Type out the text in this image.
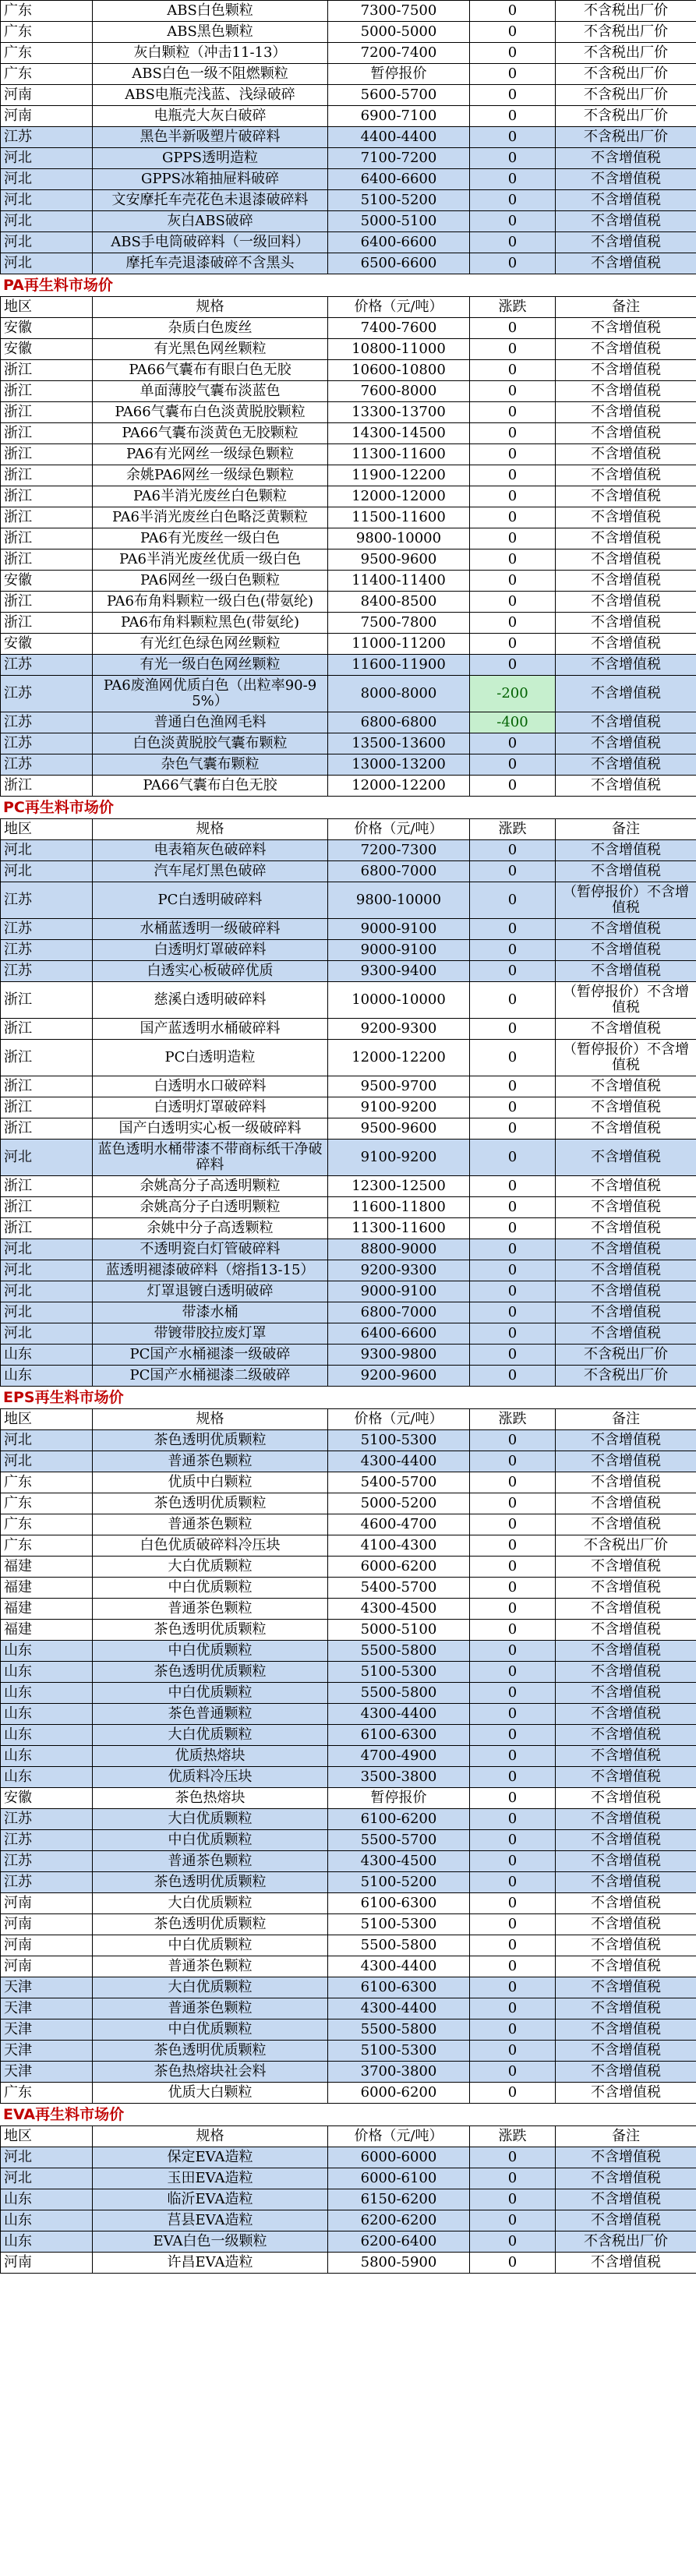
广东	ABS白色颗粒	7300-7500	0	不含税出厂价
广东	ABS黑色颗粒	5000-5000	0	不含税出厂价
广东	灰白颗粒（冲击11-13）	7200-7400	0	不含税出厂价
广东	ABS白色一级不阻燃颗粒	暂停报价	0	不含税出厂价
河南	ABS电瓶壳浅蓝、浅绿破碎	5600-5700	0	不含税出厂价
河南	电瓶壳大灰白破碎	6900-7100	0	不含税出厂价
江苏	黑色半新吸塑片破碎料	4400-4400	0	不含税出厂价
河北	GPPS透明造粒	7100-7200	0	不含增值税
河北	GPPS冰箱抽屉料破碎	6400-6600	0	不含增值税
河北	文安摩托车壳花色未退漆破碎料	5100-5200	0	不含增值税
河北	灰白ABS破碎	5000-5100	0	不含增值税
河北	ABS手电筒破碎料（一级回料）	6400-6600	0	不含增值税
河北	摩托车壳退漆破碎不含黑头	6500-6600	0	不含增值税
PA再生料市场价
地区	规格	价格（元/吨）	涨跌	备注
安徽	杂质白色废丝	7400-7600	0	不含增值税
安徽	有光黑色网丝颗粒	10800-11000	0	不含增值税
浙江	PA66气囊布有眼白色无胶	10600-10800	0	不含增值税
浙江	单面薄胶气囊布淡蓝色	7600-8000	0	不含增值税
浙江	PA66气囊布白色淡黄脱胶颗粒	13300-13700	0	不含增值税
浙江	PA66气囊布淡黄色无胶颗粒	14300-14500	0	不含增值税
浙江	PA6有光网丝一级绿色颗粒	11300-11600	0	不含增值税
浙江	余姚PA6网丝一级绿色颗粒	11900-12200	0	不含增值税
浙江	PA6半消光废丝白色颗粒	12000-12000	0	不含增值税
浙江	PA6半消光废丝白色略泛黄颗粒	11500-11600	0	不含增值税
浙江	PA6有光废丝一级白色	9800-10000	0	不含增值税
浙江	PA6半消光废丝优质一级白色	9500-9600	0	不含增值税
安徽	PA6网丝一级白色颗粒	11400-11400	0	不含增值税
浙江	PA6布角料颗粒一级白色(带氨纶)	8400-8500	0	不含增值税
浙江	PA6布角料颗粒黑色(带氨纶)	7500-7800	0	不含增值税
安徽	有光红色绿色网丝颗粒	11000-11200	0	不含增值税
江苏	有光一级白色网丝颗粒	11600-11900	0	不含增值税
江苏	PA6废渔网优质白色（出粒率90-95%）	8000-8000	-200	不含增值税
江苏	普通白色渔网毛料	6800-6800	-400	不含增值税
江苏	白色淡黄脱胶气囊布颗粒	13500-13600	0	不含增值税
江苏	杂色气囊布颗粒	13000-13200	0	不含增值税
浙江	PA66气囊布白色无胶	12000-12200	0	不含增值税
PC再生料市场价
地区	规格	价格（元/吨）	涨跌	备注
河北	电表箱灰色破碎料	7200-7300	0	不含增值税
河北	汽车尾灯黑色破碎	6800-7000	0	不含增值税
江苏	PC白透明破碎料	9800-10000	0	（暂停报价）不含增值税
江苏	水桶蓝透明一级破碎料	9000-9100	0	不含增值税
江苏	白透明灯罩破碎料	9000-9100	0	不含增值税
江苏	白透实心板破碎优质	9300-9400	0	不含增值税
浙江	慈溪白透明破碎料	10000-10000	0	（暂停报价）不含增值税
浙江	国产蓝透明水桶破碎料	9200-9300	0	不含增值税
浙江	PC白透明造粒	12000-12200	0	（暂停报价）不含增值税
浙江	白透明水口破碎料	9500-9700	0	不含增值税
浙江	白透明灯罩破碎料	9100-9200	0	不含增值税
浙江	国产白透明实心板一级破碎料	9500-9600	0	不含增值税
河北	蓝色透明水桶带漆不带商标纸干净破碎料	9100-9200	0	不含增值税
浙江	余姚高分子高透明颗粒	12300-12500	0	不含增值税
浙江	余姚高分子白透明颗粒	11600-11800	0	不含增值税
浙江	余姚中分子高透颗粒	11300-11600	0	不含增值税
河北	不透明瓷白灯管破碎料	8800-9000	0	不含增值税
河北	蓝透明褪漆破碎料（熔指13-15）	9200-9300	0	不含增值税
河北	灯罩退镀白透明破碎	9000-9100	0	不含增值税
河北	带漆水桶	6800-7000	0	不含增值税
河北	带镀带胶拉废灯罩	6400-6600	0	不含增值税
山东	PC国产水桶褪漆一级破碎	9300-9800	0	不含税出厂价
山东	PC国产水桶褪漆二级破碎	9200-9600	0	不含税出厂价
EPS再生料市场价
地区	规格	价格（元/吨）	涨跌	备注
河北	茶色透明优质颗粒	5100-5300	0	不含增值税
河北	普通茶色颗粒	4300-4400	0	不含增值税
广东	优质中白颗粒	5400-5700	0	不含增值税
广东	茶色透明优质颗粒	5000-5200	0	不含增值税
广东	普通茶色颗粒	4600-4700	0	不含增值税
广东	白色优质破碎料冷压块	4100-4300	0	不含税出厂价
福建	大白优质颗粒	6000-6200	0	不含增值税
福建	中白优质颗粒	5400-5700	0	不含增值税
福建	普通茶色颗粒	4300-4500	0	不含增值税
福建	茶色透明优质颗粒	5000-5100	0	不含增值税
山东	中白优质颗粒	5500-5800	0	不含增值税
山东	茶色透明优质颗粒	5100-5300	0	不含增值税
山东	中白优质颗粒	5500-5800	0	不含增值税
山东	茶色普通颗粒	4300-4400	0	不含增值税
山东	大白优质颗粒	6100-6300	0	不含增值税
山东	优质热熔块	4700-4900	0	不含增值税
山东	优质料冷压块	3500-3800	0	不含增值税
安徽	茶色热熔块	暂停报价	0	不含增值税
江苏	大白优质颗粒	6100-6200	0	不含增值税
江苏	中白优质颗粒	5500-5700	0	不含增值税
江苏	普通茶色颗粒	4300-4500	0	不含增值税
江苏	茶色透明优质颗粒	5100-5200	0	不含增值税
河南	大白优质颗粒	6100-6300	0	不含增值税
河南	茶色透明优质颗粒	5100-5300	0	不含增值税
河南	中白优质颗粒	5500-5800	0	不含增值税
河南	普通茶色颗粒	4300-4400	0	不含增值税
天津	大白优质颗粒	6100-6300	0	不含增值税
天津	普通茶色颗粒	4300-4400	0	不含增值税
天津	中白优质颗粒	5500-5800	0	不含增值税
天津	茶色透明优质颗粒	5100-5300	0	不含增值税
天津	茶色热熔块社会料	3700-3800	0	不含增值税
广东	优质大白颗粒	6000-6200	0	不含增值税
EVA再生料市场价
地区	规格	价格（元/吨）	涨跌	备注
河北	保定EVA造粒	6000-6000	0	不含增值税
河北	玉田EVA造粒	6000-6100	0	不含增值税
山东	临沂EVA造粒	6150-6200	0	不含增值税
山东	莒县EVA造粒	6200-6200	0	不含增值税
山东	EVA白色一级颗粒	6200-6400	0	不含税出厂价
河南	许昌EVA造粒	5800-5900	0	不含增值税
